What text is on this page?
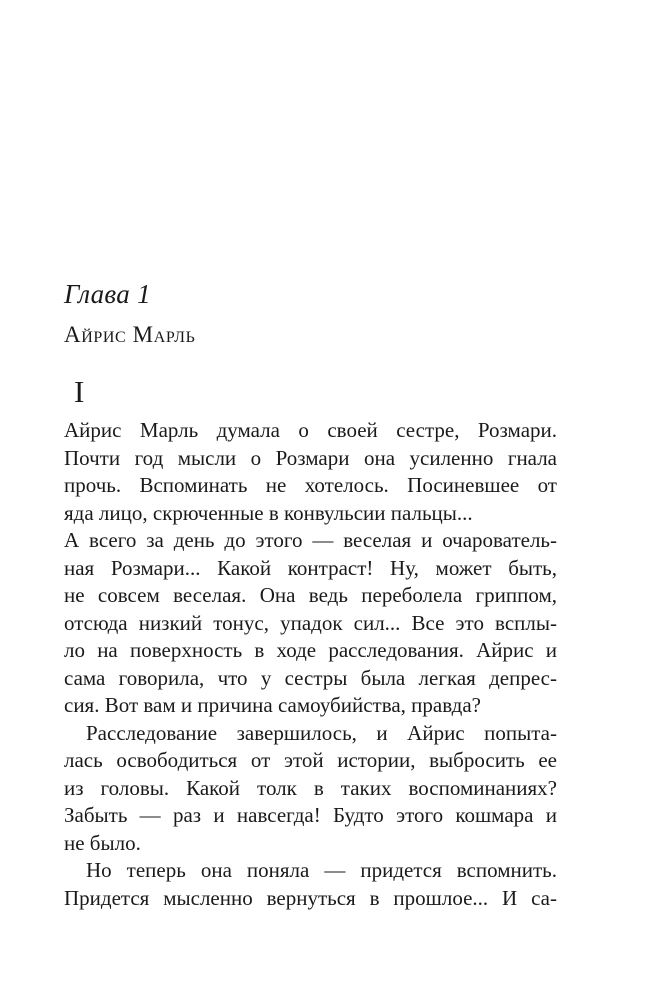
Глава 1
Айрис Марль
I
Айрис Марль думала о своей сестре, Розмари.
Почти год мысли о Розмари она усиленно гнала
прочь. Вспоминать не хотелось. Посиневшее от
яда лицо, скрюченные в конвульсии пальцы...
А всего за день до этого — веселая и очарователь-
ная Розмари... Какой контраст! Ну, может быть,
не совсем веселая. Она ведь переболела гриппом,
отсюда низкий тонус, упадок сил... Все это всплы-
ло на поверхность в ходе расследования. Айрис и
сама говорила, что у сестры была легкая депрес-
сия. Вот вам и причина самоубийства, правда?
Расследование завершилось, и Айрис попыта-
лась освободиться от этой истории, выбросить ее
из головы. Какой толк в таких воспоминаниях?
Забыть — раз и навсегда! Будто этого кошмара и
не было.
Но теперь она поняла — придется вспомнить.
Придется мысленно вернуться в прошлое... И са-
